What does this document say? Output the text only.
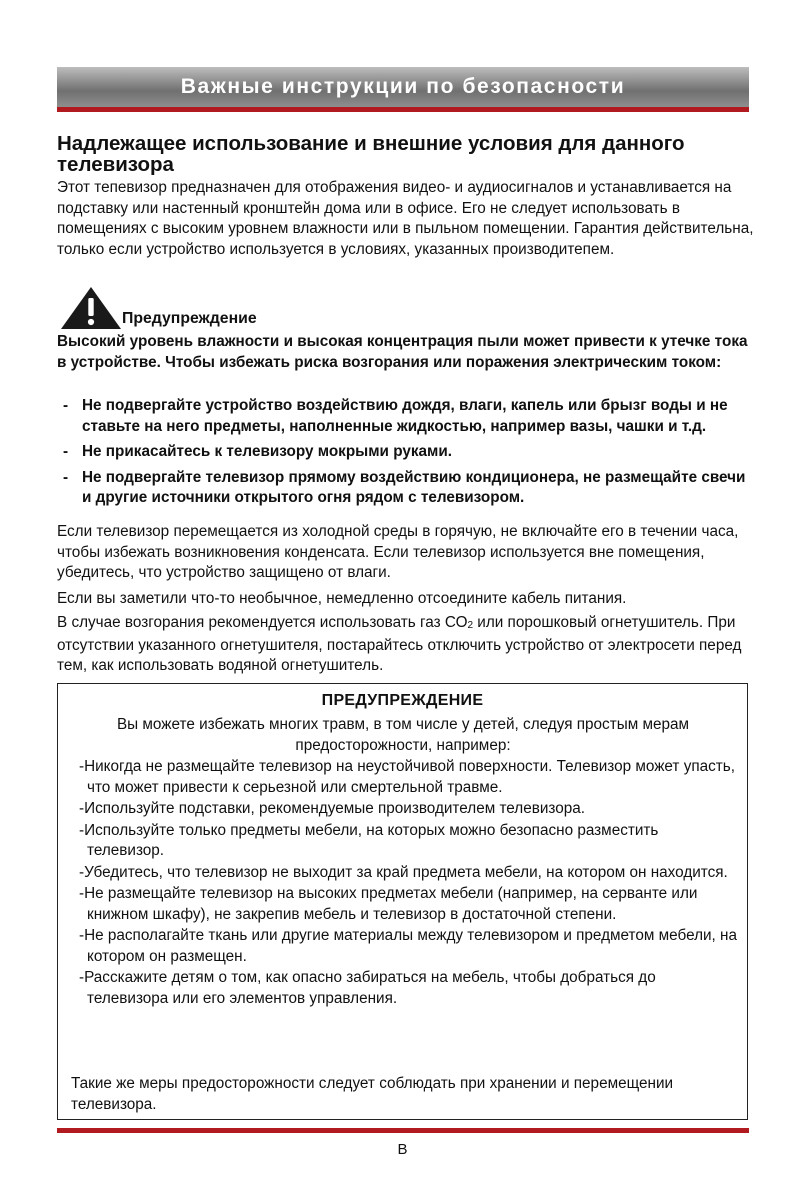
Важные инструкции по безопасности
Надлежащее использование и внешние условия для данного телевизора

Этот тепевизор предназначен для отображения видео- и аудиосигналов и устанавливается на подставку или настенный кронштейн дома или в офисе. Его не следует использовать в помещениях с высоким уровнем влажности или в пыльном помещении. Гарантия действительна, только если устройство используется в условиях, указанных производитепем.

Предупреждение

Высокий уровень влажности и высокая концентрация пыли может привести к утечке тока в устройстве. Чтобы избежать риска возгорания или поражения электрическим током:

- Не подвергайте устройство воздействию дождя, влаги, капель или брызг воды и не ставьте на него предметы, наполненные жидкостью, например вазы, чашки и т.д.
- Не прикасайтесь к телевизору мокрыми руками.
- Не подвергайте телевизор прямому воздействию кондиционера, не размещайте свечи и другие источники открытого огня рядом с телевизором.

Если телевизор перемещается из холодной среды в горячую, не включайте его в течении часа, чтобы избежать возникновения конденсата. Если телевизор используется вне помещения, убедитесь, что устройство защищено от влаги.

Если вы заметили что-то необычное, немедленно отсоедините кабель питания.

В случае возгорания рекомендуется использовать газ $СО_2$ или порошковый огнетушитель. При отсутствии указанного огнетушителя, постарайтесь отключить устройство от электросети перед тем, как использовать водяной огнетушитель.

ПРЕДУПРЕЖДЕНИЕ
Вы можете избежать многих травм, в том числе у детей, следуя простым мерам предосторожности, например:
-Никогда не размещайте телевизор на неустойчивой поверхности. Телевизор может упасть, что может привести к серьезной или смертельной травме.
-Используйте подставки, рекомендуемые производителем телевизора.
-Используйте только предметы мебели, на которых можно безопасно разместить телевизор.
-Убедитесь, что телевизор не выходит за край предмета мебели, на котором он находится.
-Не размещайте телевизор на высоких предметах мебели (например, на серванте или книжном шкафу), не закрепив мебель и телевизор в достаточной степени.
-Не располагайте ткань или другие материалы между телевизором и предметом мебели, на котором он размещен.
-Расскажите детям о том, как опасно забираться на мебель, чтобы добраться до телевизора или его элементов управления.
Такие же меры предосторожности следует соблюдать при хранении и перемещении телевизора.
B
